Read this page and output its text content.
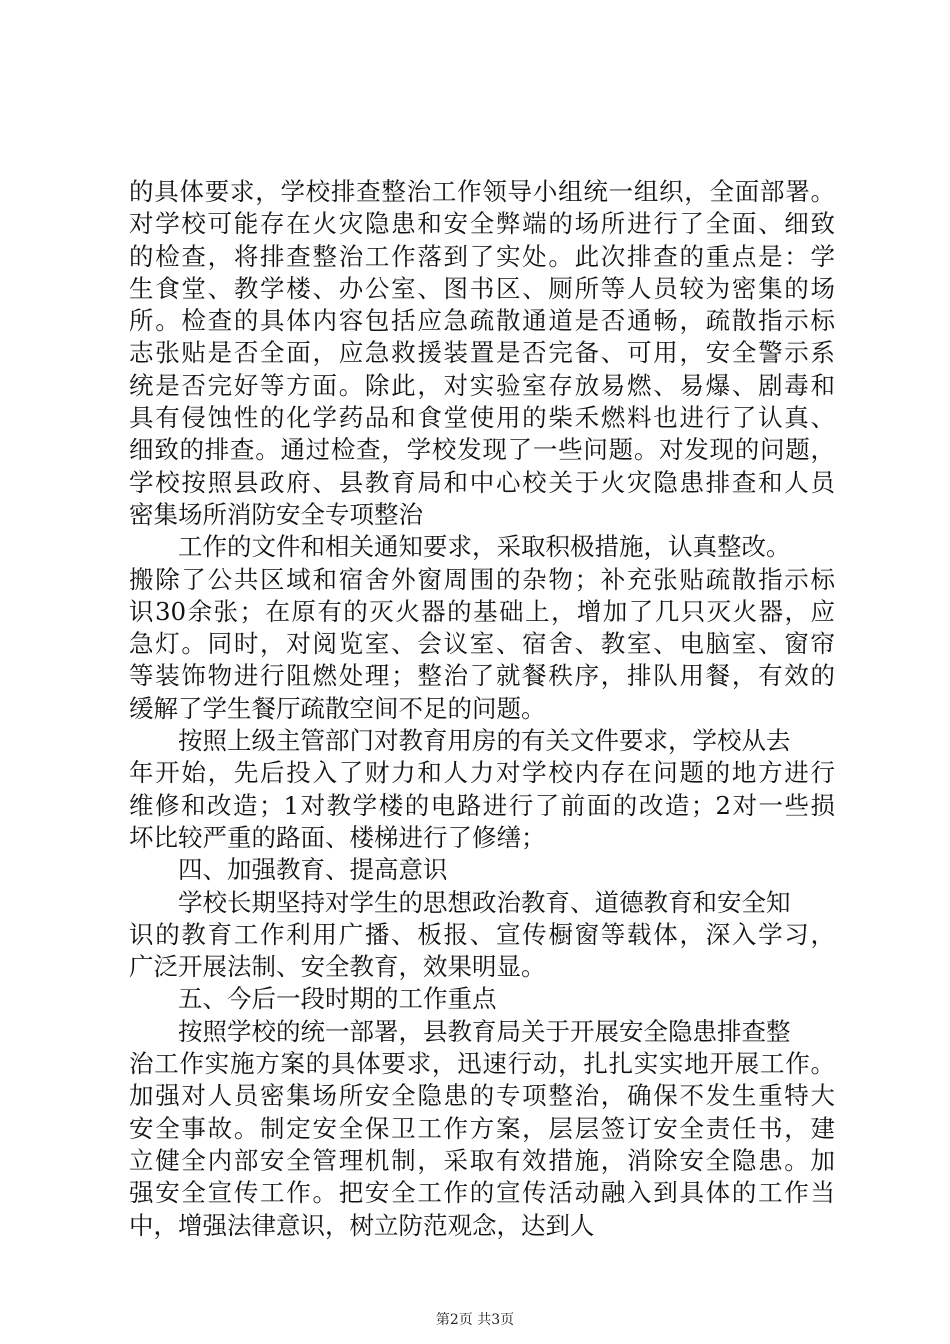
的具体要求，学校排查整治工作领导小组统一组织，全面部署。
对学校可能存在火灾隐患和安全弊端的场所进行了全面、细致
的检查，将排查整治工作落到了实处。此次排查的重点是：学
生食堂、教学楼、办公室、图书区、厕所等人员较为密集的场
所。检查的具体内容包括应急疏散通道是否通畅，疏散指示标
志张贴是否全面，应急救援装置是否完备、可用，安全警示系
统是否完好等方面。除此，对实验室存放易燃、易爆、剧毒和
具有侵蚀性的化学药品和食堂使用的柴禾燃料也进行了认真、
细致的排查。通过检查，学校发现了一些问题。对发现的问题，
学校按照县政府、县教育局和中心校关于火灾隐患排查和人员
密集场所消防安全专项整治
工作的文件和相关通知要求，采取积极措施，认真整改。
搬除了公共区域和宿舍外窗周围的杂物；补充张贴疏散指示标
识30余张；在原有的灭火器的基础上，增加了几只灭火器，应
急灯。同时，对阅览室、会议室、宿舍、教室、电脑室、窗帘
等装饰物进行阻燃处理；整治了就餐秩序，排队用餐，有效的
缓解了学生餐厅疏散空间不足的问题。
按照上级主管部门对教育用房的有关文件要求，学校从去
年开始，先后投入了财力和人力对学校内存在问题的地方进行
维修和改造；1对教学楼的电路进行了前面的改造；2对一些损
坏比较严重的路面、楼梯进行了修缮；
四、加强教育、提高意识
学校长期坚持对学生的思想政治教育、道德教育和安全知
识的教育工作利用广播、板报、宣传橱窗等载体，深入学习，
广泛开展法制、安全教育，效果明显。
五、今后一段时期的工作重点
按照学校的统一部署，县教育局关于开展安全隐患排查整
治工作实施方案的具体要求，迅速行动，扎扎实实地开展工作。
加强对人员密集场所安全隐患的专项整治，确保不发生重特大
安全事故。制定安全保卫工作方案，层层签订安全责任书，建
立健全内部安全管理机制，采取有效措施，消除安全隐患。加
强安全宣传工作。把安全工作的宣传活动融入到具体的工作当
中，增强法律意识，树立防范观念，达到人
第2页 共3页
